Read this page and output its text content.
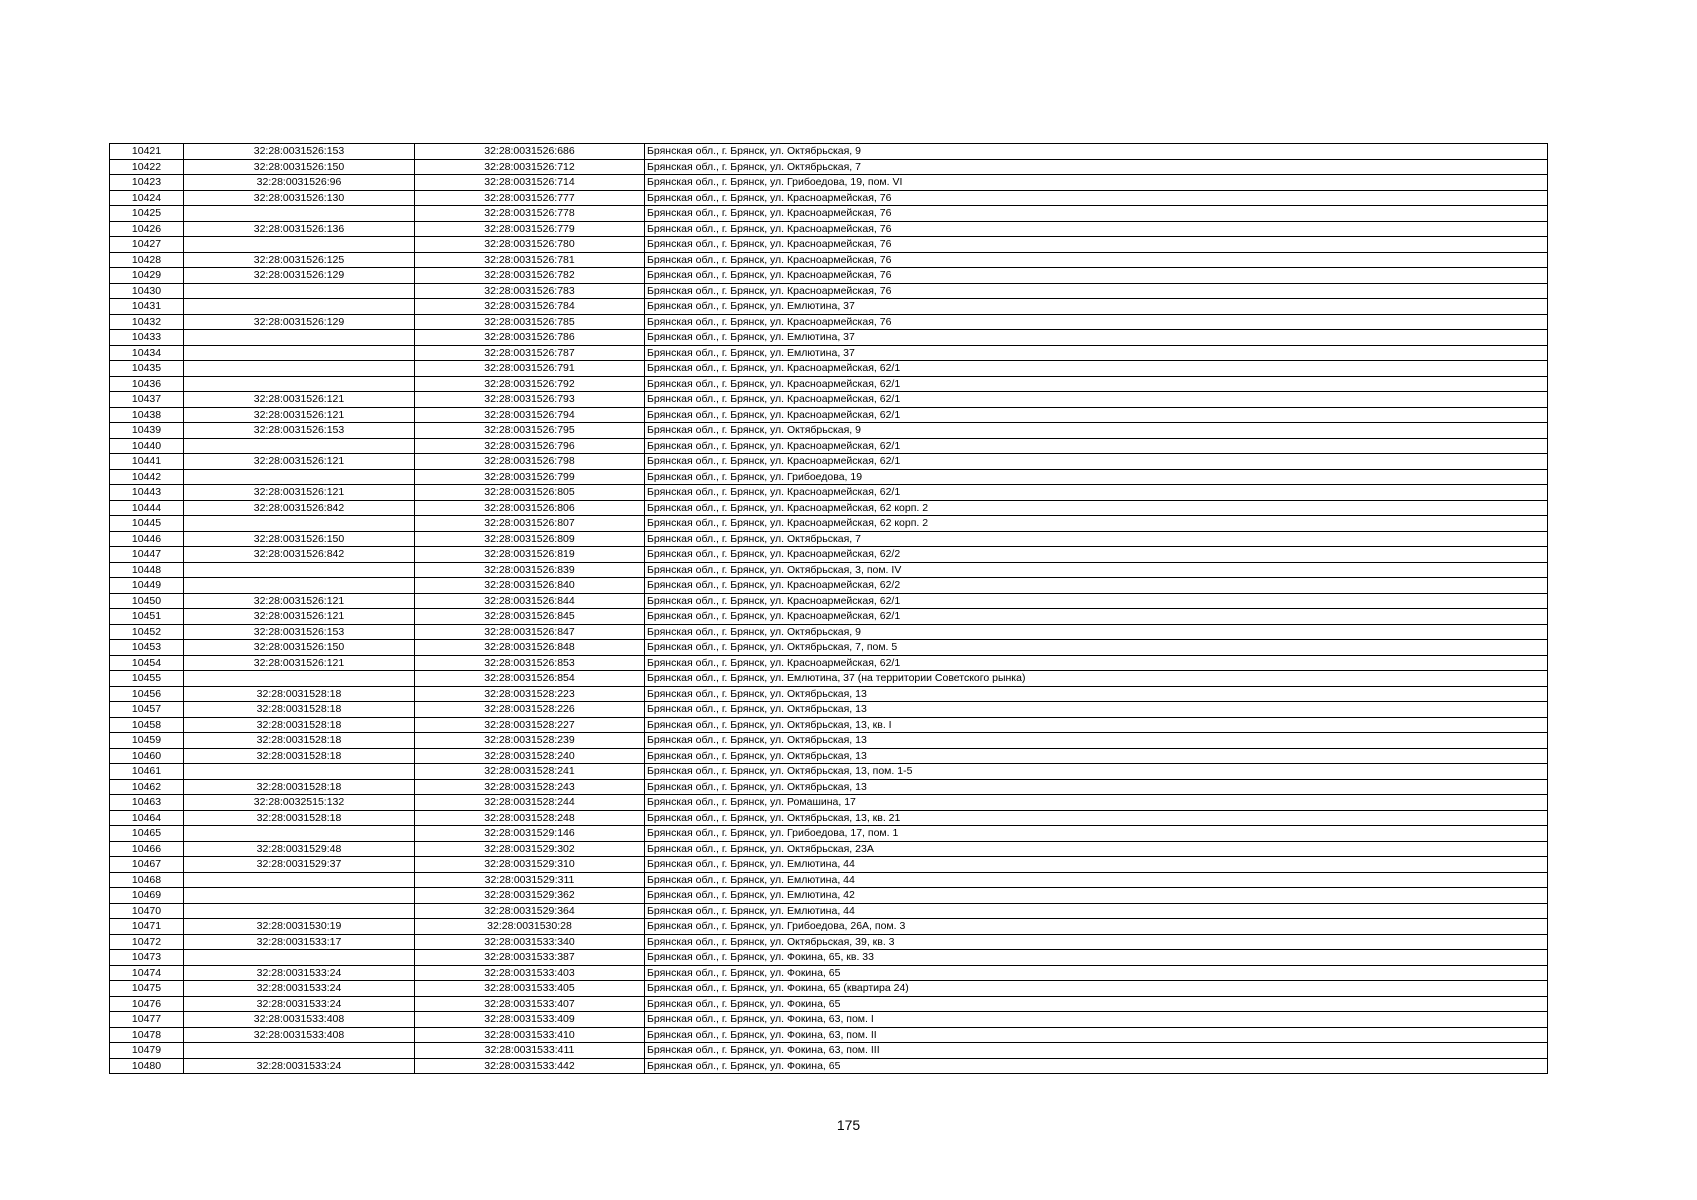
10421	32:28:0031526:153	32:28:0031526:686	Брянская обл., г. Брянск, ул. Октябрьская, 9
10422	32:28:0031526:150	32:28:0031526:712	Брянская обл., г. Брянск, ул. Октябрьская, 7
10423	32:28:0031526:96	32:28:0031526:714	Брянская обл., г. Брянск, ул. Грибоедова, 19, пом. VI
10424	32:28:0031526:130	32:28:0031526:777	Брянская обл., г. Брянск, ул. Красноармейская, 76
10425		32:28:0031526:778	Брянская обл., г. Брянск, ул. Красноармейская, 76
10426	32:28:0031526:136	32:28:0031526:779	Брянская обл., г. Брянск, ул. Красноармейская, 76
10427		32:28:0031526:780	Брянская обл., г. Брянск, ул. Красноармейская, 76
10428	32:28:0031526:125	32:28:0031526:781	Брянская обл., г. Брянск, ул. Красноармейская, 76
10429	32:28:0031526:129	32:28:0031526:782	Брянская обл., г. Брянск, ул. Красноармейская, 76
10430		32:28:0031526:783	Брянская обл., г. Брянск, ул. Красноармейская, 76
10431		32:28:0031526:784	Брянская обл., г. Брянск, ул. Емлютина, 37
10432	32:28:0031526:129	32:28:0031526:785	Брянская обл., г. Брянск, ул. Красноармейская, 76
10433		32:28:0031526:786	Брянская обл., г. Брянск, ул. Емлютина, 37
10434		32:28:0031526:787	Брянская обл., г. Брянск, ул. Емлютина, 37
10435		32:28:0031526:791	Брянская обл., г. Брянск, ул. Красноармейская, 62/1
10436		32:28:0031526:792	Брянская обл., г. Брянск, ул. Красноармейская, 62/1
10437	32:28:0031526:121	32:28:0031526:793	Брянская обл., г. Брянск, ул. Красноармейская, 62/1
10438	32:28:0031526:121	32:28:0031526:794	Брянская обл., г. Брянск, ул. Красноармейская, 62/1
10439	32:28:0031526:153	32:28:0031526:795	Брянская обл., г. Брянск, ул. Октябрьская, 9
10440		32:28:0031526:796	Брянская обл., г. Брянск, ул. Красноармейская, 62/1
10441	32:28:0031526:121	32:28:0031526:798	Брянская обл., г. Брянск, ул. Красноармейская, 62/1
10442		32:28:0031526:799	Брянская обл., г. Брянск, ул. Грибоедова, 19
10443	32:28:0031526:121	32:28:0031526:805	Брянская обл., г. Брянск, ул. Красноармейская, 62/1
10444	32:28:0031526:842	32:28:0031526:806	Брянская обл., г. Брянск, ул. Красноармейская, 62 корп. 2
10445		32:28:0031526:807	Брянская обл., г. Брянск, ул. Красноармейская, 62 корп. 2
10446	32:28:0031526:150	32:28:0031526:809	Брянская обл., г. Брянск, ул. Октябрьская, 7
10447	32:28:0031526:842	32:28:0031526:819	Брянская обл., г. Брянск, ул. Красноармейская, 62/2
10448		32:28:0031526:839	Брянская обл., г. Брянск, ул. Октябрьская, 3, пом. IV
10449		32:28:0031526:840	Брянская обл., г. Брянск, ул. Красноармейская, 62/2
10450	32:28:0031526:121	32:28:0031526:844	Брянская обл., г. Брянск, ул. Красноармейская, 62/1
10451	32:28:0031526:121	32:28:0031526:845	Брянская обл., г. Брянск, ул. Красноармейская, 62/1
10452	32:28:0031526:153	32:28:0031526:847	Брянская обл., г. Брянск, ул. Октябрьская, 9
10453	32:28:0031526:150	32:28:0031526:848	Брянская обл., г. Брянск, ул. Октябрьская, 7, пом. 5
10454	32:28:0031526:121	32:28:0031526:853	Брянская обл., г. Брянск, ул. Красноармейская, 62/1
10455		32:28:0031526:854	Брянская обл., г. Брянск, ул. Емлютина, 37 (на территории Советского рынка)
10456	32:28:0031528:18	32:28:0031528:223	Брянская обл., г. Брянск, ул. Октябрьская, 13
10457	32:28:0031528:18	32:28:0031528:226	Брянская обл., г. Брянск, ул. Октябрьская, 13
10458	32:28:0031528:18	32:28:0031528:227	Брянская обл., г. Брянск, ул. Октябрьская, 13, кв. I
10459	32:28:0031528:18	32:28:0031528:239	Брянская обл., г. Брянск, ул. Октябрьская, 13
10460	32:28:0031528:18	32:28:0031528:240	Брянская обл., г. Брянск, ул. Октябрьская, 13
10461		32:28:0031528:241	Брянская обл., г. Брянск, ул. Октябрьская, 13, пом. 1-5
10462	32:28:0031528:18	32:28:0031528:243	Брянская обл., г. Брянск, ул. Октябрьская, 13
10463	32:28:0032515:132	32:28:0031528:244	Брянская обл., г. Брянск, ул. Ромашина, 17
10464	32:28:0031528:18	32:28:0031528:248	Брянская обл., г. Брянск, ул. Октябрьская, 13, кв. 21
10465		32:28:0031529:146	Брянская обл., г. Брянск, ул. Грибоедова, 17, пом. 1
10466	32:28:0031529:48	32:28:0031529:302	Брянская обл., г. Брянск, ул. Октябрьская, 23А
10467	32:28:0031529:37	32:28:0031529:310	Брянская обл., г. Брянск, ул. Емлютина, 44
10468		32:28:0031529:311	Брянская обл., г. Брянск, ул. Емлютина, 44
10469		32:28:0031529:362	Брянская обл., г. Брянск, ул. Емлютина, 42
10470		32:28:0031529:364	Брянская обл., г. Брянск, ул. Емлютина, 44
10471	32:28:0031530:19	32:28:0031530:28	Брянская обл., г. Брянск, ул. Грибоедова, 26А, пом. 3
10472	32:28:0031533:17	32:28:0031533:340	Брянская обл., г. Брянск, ул. Октябрьская, 39, кв. 3
10473		32:28:0031533:387	Брянская обл., г. Брянск, ул. Фокина, 65, кв. 33
10474	32:28:0031533:24	32:28:0031533:403	Брянская обл., г. Брянск, ул. Фокина, 65
10475	32:28:0031533:24	32:28:0031533:405	Брянская обл., г. Брянск, ул. Фокина, 65 (квартира 24)
10476	32:28:0031533:24	32:28:0031533:407	Брянская обл., г. Брянск, ул. Фокина, 65
10477	32:28:0031533:408	32:28:0031533:409	Брянская обл., г. Брянск, ул. Фокина, 63, пом. I
10478	32:28:0031533:408	32:28:0031533:410	Брянская обл., г. Брянск, ул. Фокина, 63, пом. II
10479		32:28:0031533:411	Брянская обл., г. Брянск, ул. Фокина, 63, пом. III
10480	32:28:0031533:24	32:28:0031533:442	Брянская обл., г. Брянск, ул. Фокина, 65
175
